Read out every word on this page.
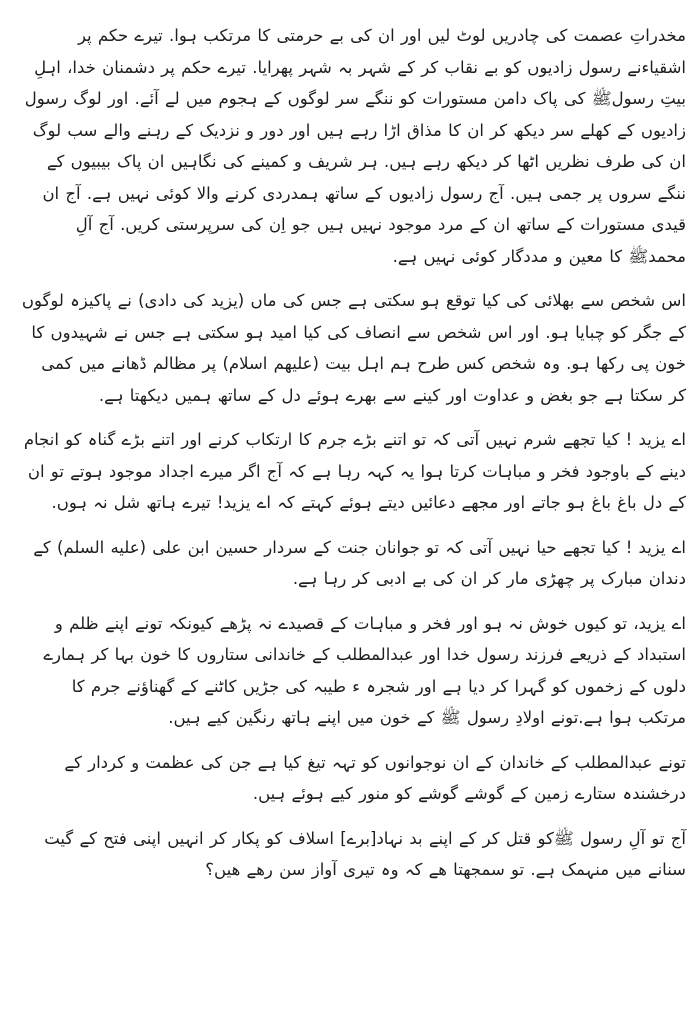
مخدراتِ عصمت کی چادریں لوٹ لیں اور ان کی بے حرمتی کا مرتکب ہوا. تیرے حکم پر اشقیاءنے رسول زادیوں کو بے نقاب کر کے شہر بہ شہر پھرایا. تیرے حکم پر دشمنان خدا، اہلِ بیتِ رسولﷺ کی پاک دامن مستورات کو ننگے سر لوگوں کے ہجوم میں لے آئے. اور لوگ رسول زادیوں کے کھلے سر دیکھ کر ان کا مذاق اڑا رہے ہیں اور دور و نزدیک کے رہنے والے سب لوگ ان کی طرف نظریں اٹھا کر دیکھ رہے ہیں. ہر شریف و کمینے کی نگاہیں ان پاک بیبیوں کے ننگے سروں پر جمی ہیں. آج رسول زادیوں کے ساتھ ہمدردی کرنے والا کوئی نہیں ہے. آج ان قیدی مستورات کے ساتھ ان کے مرد موجود نہیں ہیں جو اِن کی سرپرستی کریں. آج آلِ محمدﷺ کا معین و مددگار کوئی نہیں ہے.

اس شخص سے بھلائی کی کیا توقع ہو سکتی ہے جس کی ماں (یزید کی دادی) نے پاکیزہ لوگوں کے جگر کو چبایا ہو. اور اس شخص سے انصاف کی کیا امید ہو سکتی ہے جس نے شہیدوں کا خون پی رکھا ہو. وہ شخص کس طرح ہم اہل بیت (علیھم اسلام) پر مظالم ڈھانے میں کمی کر سکتا ہے جو بغض و عداوت اور کینے سے بھرے ہوئے دل کے ساتھ ہمیں دیکھتا ہے.

اے یزید ! کیا تجھے شرم نہیں آتی کہ تو اتنے بڑے جرم کا ارتکاب کرنے اور اتنے بڑے گناہ کو انجام دینے کے باوجود فخر و مباہات کرتا ہوا یہ کہہ رہا ہے کہ آج اگر میرے اجداد موجود ہوتے تو ان کے دل باغ باغ ہو جاتے اور مجھے دعائیں دیتے ہوئے کہتے کہ اے یزید! تیرے ہاتھ شل نہ ہوں.

اے یزید ! کیا تجھے حیا نہیں آتی کہ تو جوانان جنت کے سردار حسین ابن علی (علیه السلم) کے دندان مبارک پر چھڑی مار کر ان کی بے ادبی کر رہا ہے.

اے یزید، تو کیوں خوش نہ ہو اور فخر و مباہات کے قصیدے نہ پڑھے کیونکہ تونے اپنے ظلم و استبداد کے ذریعے فرزند رسول خدا اور عبدالمطلب کے خاندانی ستاروں کا خون بہا کر ہمارے دلوں کے زخموں کو گہرا کر دیا ہے اور شجرہ ء طیبہ کی جڑیں کاٹنے کے گھناؤنے جرم کا مرتکب ہوا ہے.تونے اولادِ رسول ﷺ کے خون میں اپنے ہاتھ رنگین کیے ہیں.

تونے عبدالمطلب کے خاندان کے ان نوجوانوں کو تہہ تیغ کیا ہے جن کی عظمت و کردار کے درخشندہ ستارے زمین کے گوشے گوشے کو منور کیے ہوئے ہیں.

آج تو آلِ رسول ﷺکو قتل کر کے اپنے بد نہاد[برے] اسلاف کو پکار کر انہیں اپنی فتح کے گیت سنانے میں منہمک ہے. تو سمجھتا ھے کہ وہ تیری آواز سن رھے ھیں؟
